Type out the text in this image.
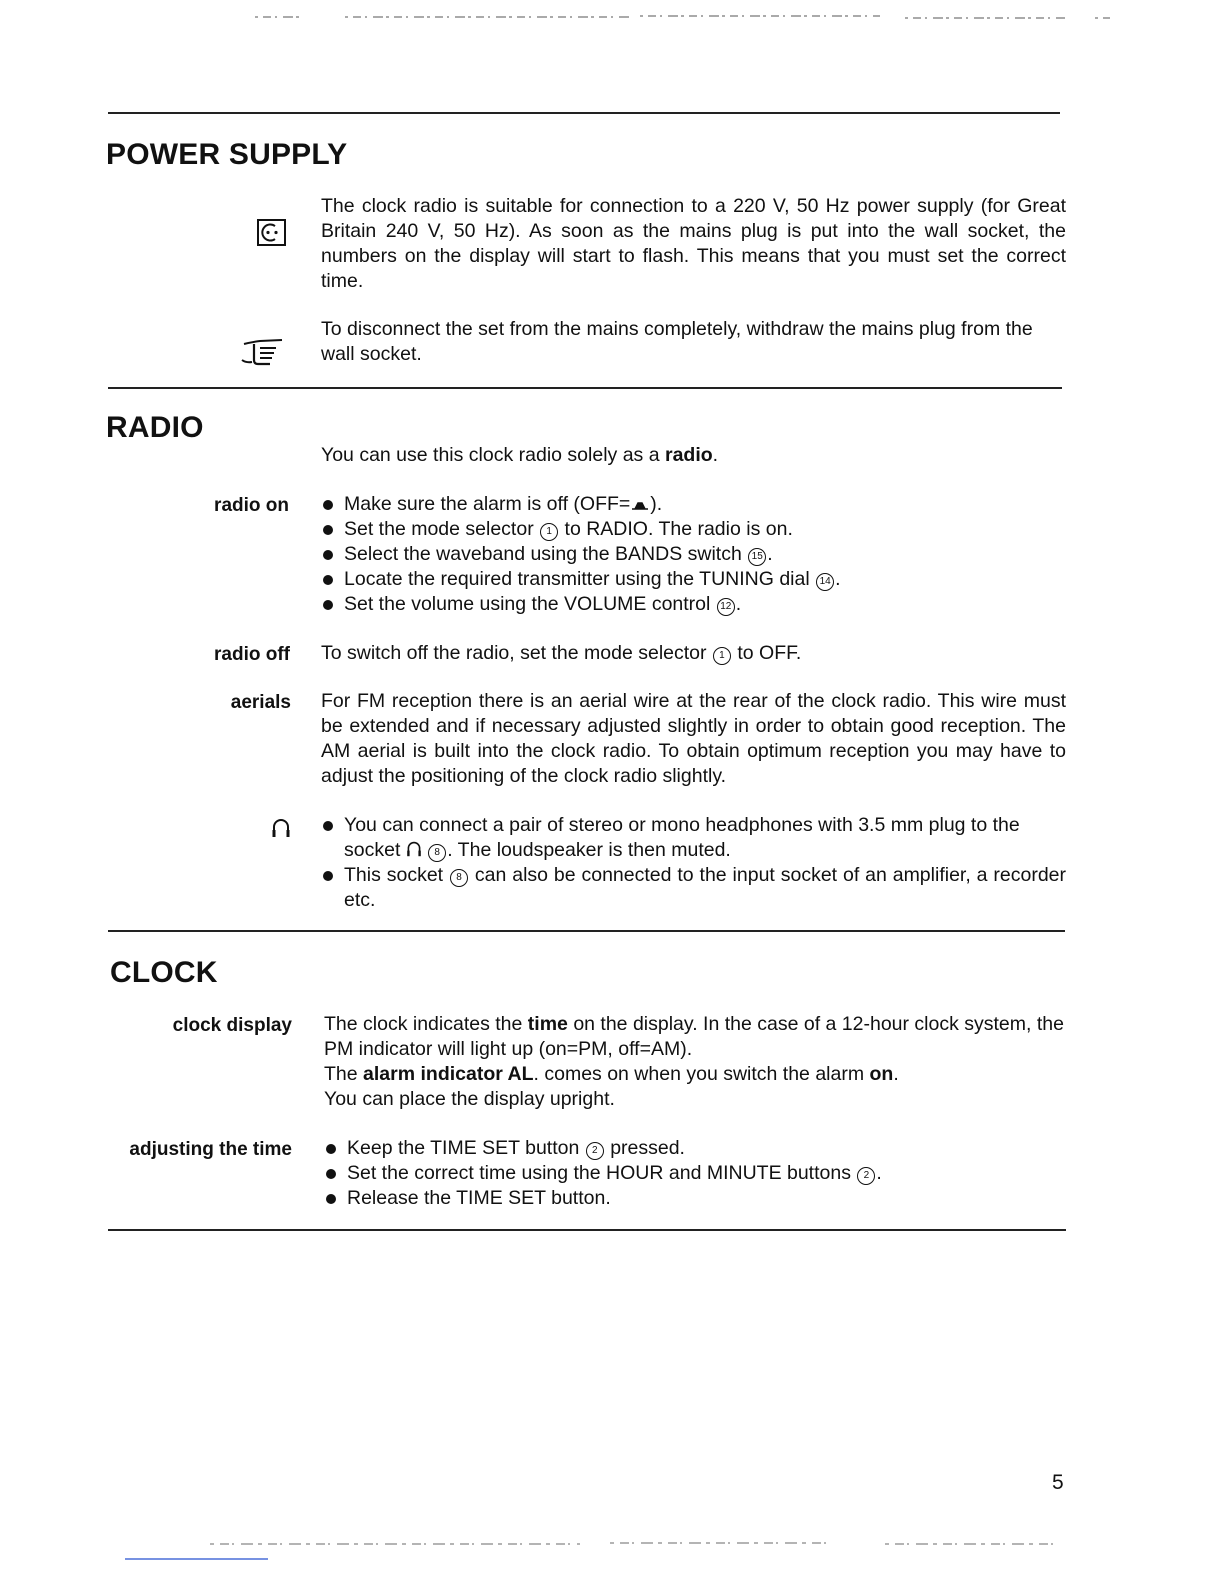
POWER SUPPLY

The clock radio is suitable for connection to a 220 V, 50 Hz power supply (for Great Britain 240 V, 50 Hz). As soon as the mains plug is put into the wall socket, the numbers on the display will start to flash. This means that you must set the correct time.

To disconnect the set from the mains completely, withdraw the mains plug from the wall socket.

RADIO

You can use this clock radio solely as a radio.

radio on	Make sure the alarm is off (OFF= ).
Set the mode selector 1 to RADIO. The radio is on.
Select the waveband using the BANDS switch 15 .
Locate the required transmitter using the TUNING dial 14 .
Set the volume using the VOLUME control 12 .
radio off To switch off the radio, set the mode selector 1 to OFF.

aerials For FM reception there is an aerial wire at the rear of the clock radio. This wire must be extended and if necessary adjusted slightly in order to obtain good reception. The AM aerial is built into the clock radio. To obtain optimum reception you may have to adjust the positioning of the clock radio slightly.

You can connect a pair of stereo or mono headphones with 3.5 mm plug to the socket	8 . The loudspeaker is then muted.
This socket 8 can also be connected to the input socket of an amplifier, a recorder etc.
CLOCK
clock display The clock indicates the time on the display. In the case of a 12-hour clock system, the PM indicator will light up (on=PM, off=AM).

The alarm indicator AL. comes on when you switch the alarm on.

You can place the display upright.

adjusting the time	Keep the TIME SET button 2 pressed.
Set the correct time using the HOUR and MINUTE buttons 2 .
Release the TIME SET button.
5
